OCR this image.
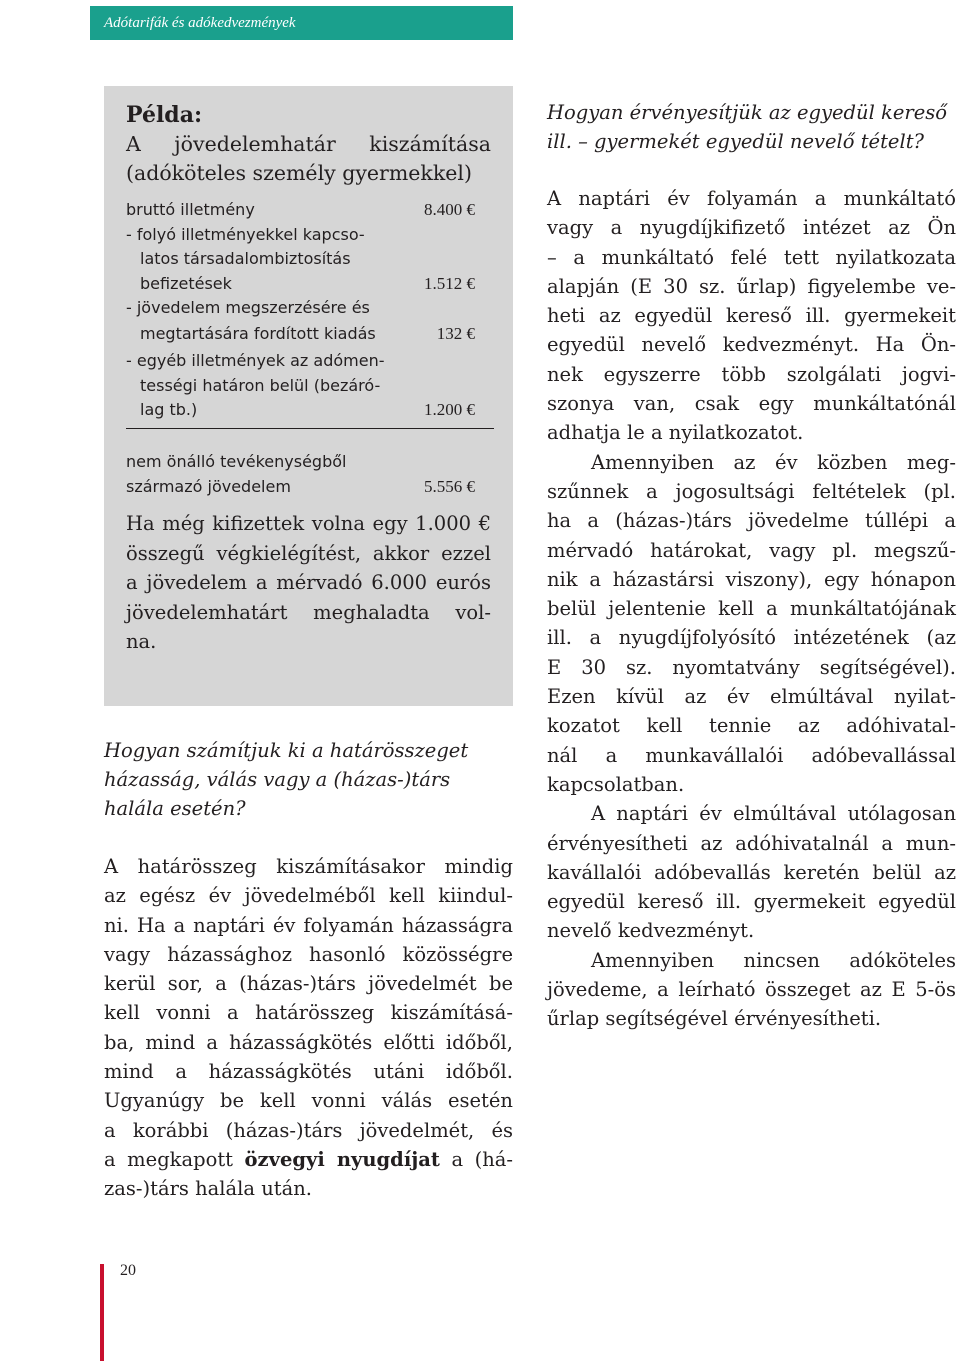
Adótarifák és adókedvezmények
Példa:
A jövedelemhatár kiszámítása
(adóköteles személy gyermekkel)
bruttó illetmény	8.400 €
- folyó illetményekkel kapcso-
latos társadalombiztosítás
befizetések	1.512 €
- jövedelem megszerzésére és
megtartására fordított kiadás	132 €
- egyéb illetmények az adómen-
tességi határon belül (bezáró-
lag tb.)	1.200 €
nem önálló tevékenységből
származó jövedelem	5.556 €
Ha még kifizettek volna egy 1.000 €
összegű végkielégítést, akkor ezzel
a jövedelem a mérvadó 6.000 eurós
jövedelemhatárt meghaladta vol-
na.
Hogyan számítjuk ki a határösszeget
házasság, válás vagy a (házas-)társ
halála esetén?
A határösszeg kiszámításakor mindig
az egész év jövedelméből kell kiindul-
ni. Ha a naptári év folyamán házasságra
vagy házassághoz hasonló közösségre
kerül sor, a (házas-)társ jövedelmét be
kell vonni a határösszeg kiszámításá-
ba, mind a házasságkötés előtti időből,
mind a házasságkötés utáni időből.
Ugyanúgy be kell vonni válás esetén
a korábbi (házas-)társ jövedelmét, és
a megkapott özvegyi nyugdíjat a (há-
zas-)társ halála után.
Hogyan érvényesítjük az egyedül kereső
ill. – gyermekét egyedül nevelő tételt?
A naptári év folyamán a munkáltató
vagy a nyugdíjkifizető intézet az Ön
– a munkáltató felé tett nyilatkozata
alapján (E 30 sz. űrlap) figyelembe ve-
heti az egyedül kereső ill. gyermekeit
egyedül nevelő kedvezményt. Ha Ön-
nek egyszerre több szolgálati jogvi-
szonya van, csak egy munkáltatónál
adhatja le a nyilatkozatot.
Amennyiben az év közben meg-
szűnnek a jogosultsági feltételek (pl.
ha a (házas-)társ jövedelme túllépi a
mérvadó határokat, vagy pl. megszű-
nik a házastársi viszony), egy hónapon
belül jelentenie kell a munkáltatójának
ill. a nyugdíjfolyósító intézetének (az
E 30 sz. nyomtatvány segítségével).
Ezen kívül az év elmúltával nyilat-
kozatot kell tennie az adóhivatal-
nál a munkavállalói adóbevallással
kapcsolatban.
A naptári év elmúltával utólagosan
érvényesítheti az adóhivatalnál a mun-
kavállalói adóbevallás keretén belül az
egyedül kereső ill. gyermekeit egyedül
nevelő kedvezményt.
Amennyiben nincsen adóköteles
jövedeme, a leírható összeget az E 5-ös
űrlap segítségével érvényesítheti.
20
